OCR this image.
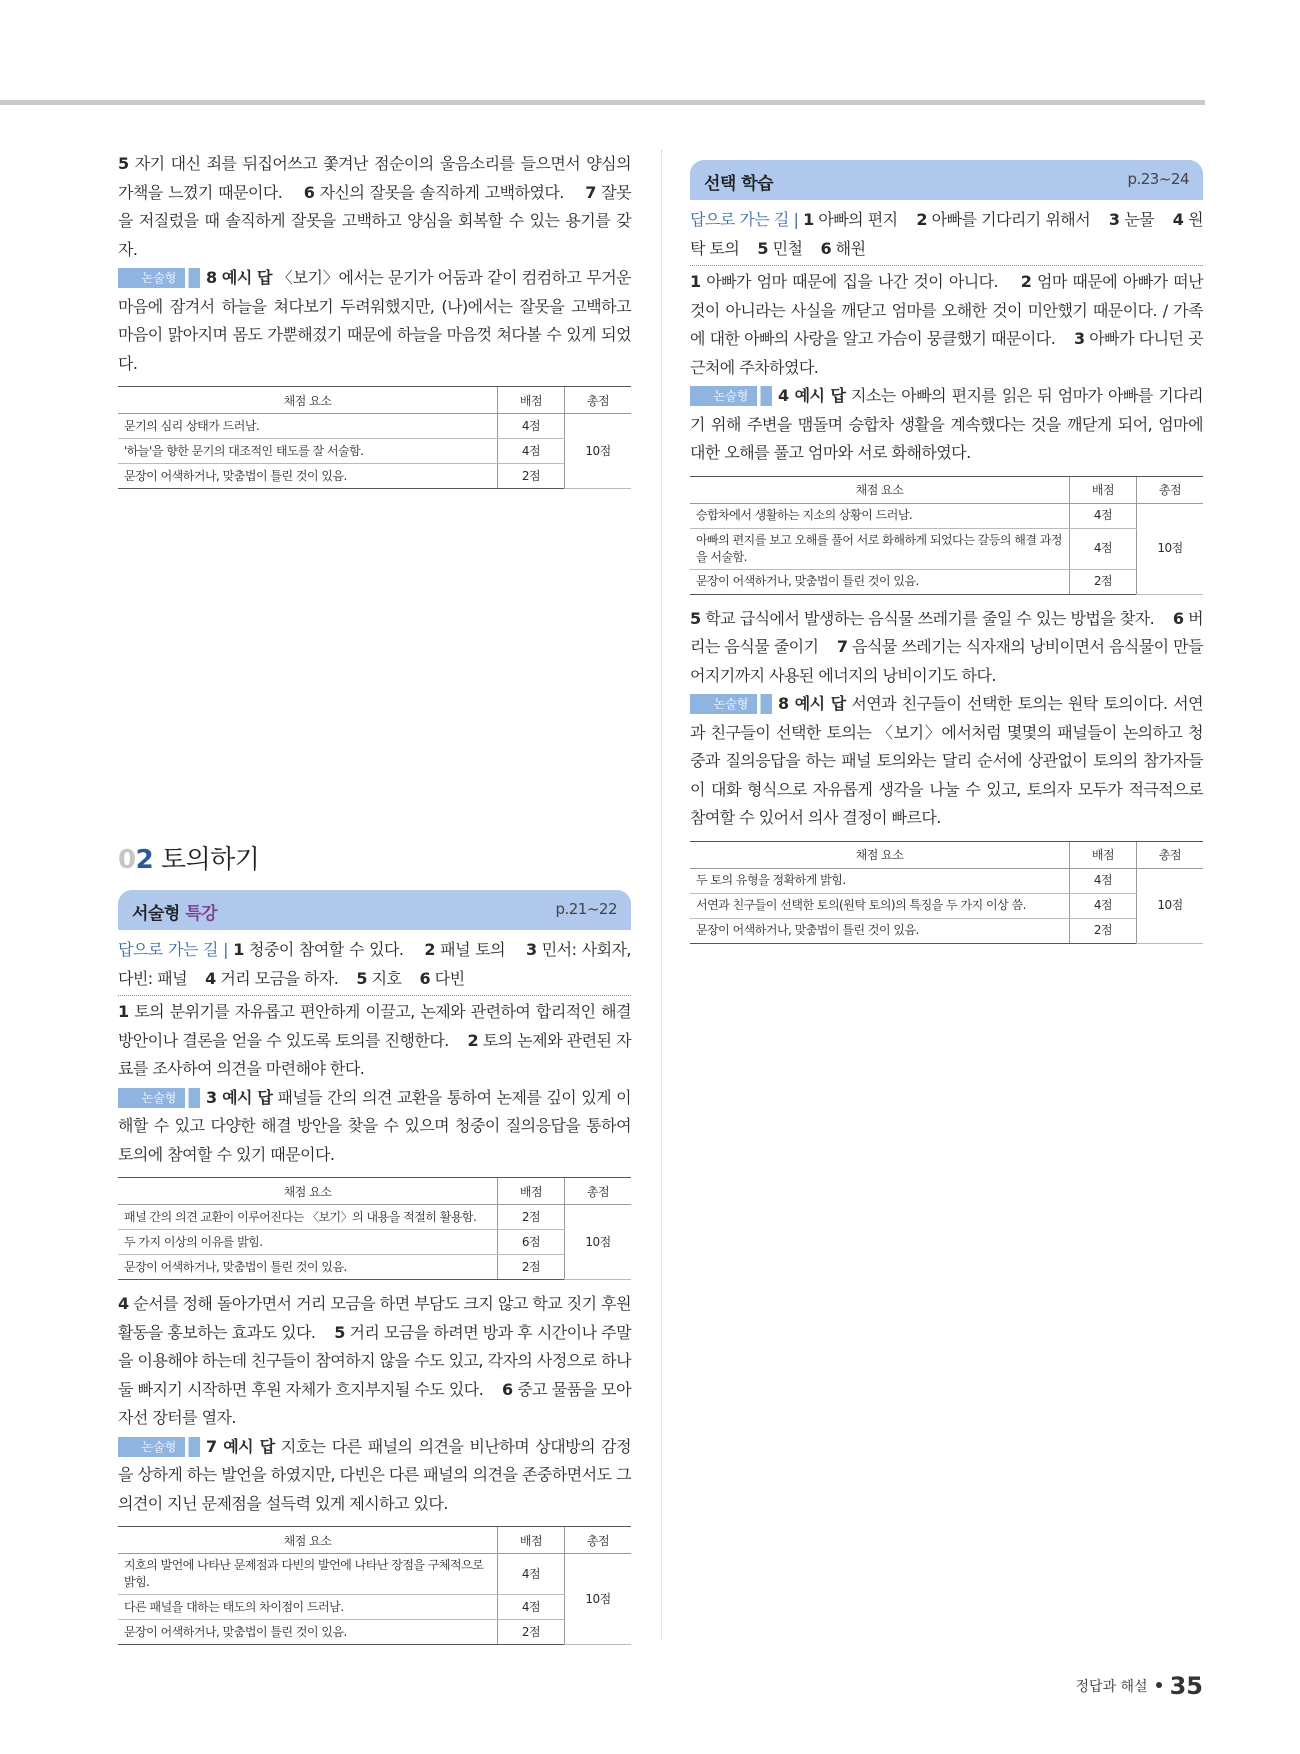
5 자기 대신 죄를 뒤집어쓰고 쫓겨난 점순이의 울음소리를 들으면서 양심의 가책을 느꼈기 때문이다. 6 자신의 잘못을 솔직하게 고백하였다. 7 잘못을 저질렀을 때 솔직하게 잘못을 고백하고 양심을 회복할 수 있는 용기를 갖자.

논술형 8 예시 답 〈보기〉에서는 문기가 어둠과 같이 컴컴하고 무거운 마음에 잠겨서 하늘을 쳐다보기 두려워했지만, (나)에서는 잘못을 고백하고 마음이 맑아지며 몸도 가뿐해졌기 때문에 하늘을 마음껏 쳐다볼 수 있게 되었다.

채점 요소	배점	총점
문기의 심리 상태가 드러남.	4점	10점
'하늘'을 향한 문기의 대조적인 태도를 잘 서술함.	4점	
문장이 어색하거나, 맞춤법이 틀린 것이 있음.	2점	
02 토의하기
서술형 특강	p.21~22

답으로 가는 길 | 1 청중이 참여할 수 있다. 2 패널 토의 3 민서: 사회자, 다빈: 패널 4 거리 모금을 하자. 5 지호 6 다빈

1 토의 분위기를 자유롭고 편안하게 이끌고, 논제와 관련하여 합리적인 해결 방안이나 결론을 얻을 수 있도록 토의를 진행한다. 2 토의 논제와 관련된 자료를 조사하여 의견을 마련해야 한다.

논술형 3 예시 답 패널들 간의 의견 교환을 통하여 논제를 깊이 있게 이해할 수 있고 다양한 해결 방안을 찾을 수 있으며 청중이 질의응답을 통하여 토의에 참여할 수 있기 때문이다.

채점 요소	배점	총점
패널 간의 의견 교환이 이루어진다는 〈보기〉의 내용을 적절히 활용함.	2점	10점
두 가지 이상의 이유를 밝힘.	6점	
문장이 어색하거나, 맞춤법이 틀린 것이 있음.	2점	

4 순서를 정해 돌아가면서 거리 모금을 하면 부담도 크지 않고 학교 짓기 후원 활동을 홍보하는 효과도 있다. 5 거리 모금을 하려면 방과 후 시간이나 주말을 이용해야 하는데 친구들이 참여하지 않을 수도 있고, 각자의 사정으로 하나둘 빠지기 시작하면 후원 자체가 흐지부지될 수도 있다. 6 중고 물품을 모아 자선 장터를 열자.

논술형 7 예시 답 지호는 다른 패널의 의견을 비난하며 상대방의 감정을 상하게 하는 발언을 하였지만, 다빈은 다른 패널의 의견을 존중하면서도 그 의견이 지닌 문제점을 설득력 있게 제시하고 있다.

채점 요소	배점	총점
지호의 발언에 나타난 문제점과 다빈의 발언에 나타난 장점을 구체적으로 밝힘.	4점	10점
다른 패널을 대하는 태도의 차이점이 드러남.	4점	
문장이 어색하거나, 맞춤법이 틀린 것이 있음.	2점	
선택 학습	p.23~24

답으로 가는 길 | 1 아빠의 편지 2 아빠를 기다리기 위해서 3 눈물 4 원탁 토의 5 민철 6 해원

1 아빠가 엄마 때문에 집을 나간 것이 아니다. 2 엄마 때문에 아빠가 떠난 것이 아니라는 사실을 깨닫고 엄마를 오해한 것이 미안했기 때문이다. / 가족에 대한 아빠의 사랑을 알고 가슴이 뭉클했기 때문이다. 3 아빠가 다니던 곳 근처에 주차하였다.

논술형 4 예시 답 지소는 아빠의 편지를 읽은 뒤 엄마가 아빠를 기다리기 위해 주변을 맴돌며 승합차 생활을 계속했다는 것을 깨닫게 되어, 엄마에 대한 오해를 풀고 엄마와 서로 화해하였다.

채점 요소	배점	총점
승합차에서 생활하는 지소의 상황이 드러남.	4점	10점
아빠의 편지를 보고 오해를 풀어 서로 화해하게 되었다는 갈등의 해결 과정을 서술함.	4점	
문장이 어색하거나, 맞춤법이 틀린 것이 있음.	2점	

5 학교 급식에서 발생하는 음식물 쓰레기를 줄일 수 있는 방법을 찾자. 6 버리는 음식물 줄이기 7 음식물 쓰레기는 식자재의 낭비이면서 음식물이 만들어지기까지 사용된 에너지의 낭비이기도 하다.

논술형 8 예시 답 서연과 친구들이 선택한 토의는 원탁 토의이다. 서연과 친구들이 선택한 토의는 〈보기〉에서처럼 몇몇의 패널들이 논의하고 청중과 질의응답을 하는 패널 토의와는 달리 순서에 상관없이 토의의 참가자들이 대화 형식으로 자유롭게 생각을 나눌 수 있고, 토의자 모두가 적극적으로 참여할 수 있어서 의사 결정이 빠르다.

채점 요소	배점	총점
두 토의 유형을 정확하게 밝힘.	4점	10점
서연과 친구들이 선택한 토의(원탁 토의)의 특징을 두 가지 이상 씀.	4점	
문장이 어색하거나, 맞춤법이 틀린 것이 있음.	2점	
정답과 해설 35
